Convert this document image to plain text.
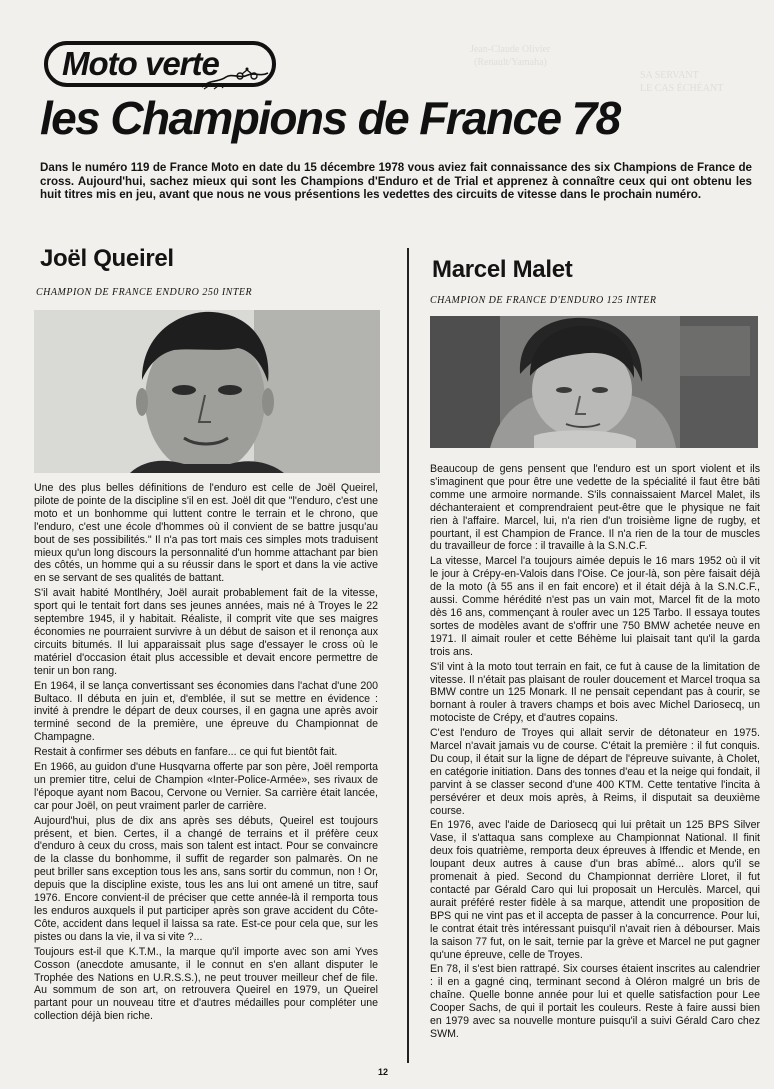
Jean-Claude Olivier
(Renault/Yamaha)
SA SERVANT
LE CAS ÉCHÉANT
Moto verte
les Champions de France 78
Dans le numéro 119 de France Moto en date du 15 décembre 1978 vous aviez fait connaissance des six Champions de France de cross. Aujourd'hui, sachez mieux qui sont les Champions d'Enduro et de Trial et apprenez à connaître ceux qui ont obtenu les huit titres mis en jeu, avant que nous ne vous présentions les vedettes des circuits de vitesse dans le prochain numéro.
Joël Queirel
CHAMPION DE FRANCE ENDURO 250 INTER

Une des plus belles définitions de l'enduro est celle de Joël Queirel, pilote de pointe de la discipline s'il en est. Joël dit que "l'enduro, c'est une moto et un bonhomme qui luttent contre le terrain et le chrono, que l'enduro, c'est une école d'hommes où il convient de se battre jusqu'au bout de ses possibilités." Il n'a pas tort mais ces simples mots traduisent mieux qu'un long discours la personnalité d'un homme attachant par bien des côtés, un homme qui a su réussir dans le sport et dans la vie active en se servant de ses qualités de battant.

S'il avait habité Montlhéry, Joël aurait probablement fait de la vitesse, sport qui le tentait fort dans ses jeunes années, mais né à Troyes le 22 septembre 1945, il y habitait. Réaliste, il comprit vite que ses maigres économies ne pourraient survivre à un début de saison et il renonça aux circuits bitumés. Il lui apparaissait plus sage d'essayer le cross où le matériel d'occasion était plus accessible et devait encore permettre de tenir un bon rang.

En 1964, il se lança convertissant ses économies dans l'achat d'une 200 Bultaco. Il débuta en juin et, d'emblée, il sut se mettre en évidence : invité à prendre le départ de deux courses, il en gagna une après avoir terminé second de la première, une épreuve du Championnat de Champagne.

Restait à confirmer ses débuts en fanfare... ce qui fut bientôt fait.

En 1966, au guidon d'une Husqvarna offerte par son père, Joël remporta un premier titre, celui de Champion «Inter-Police-Armée», ses rivaux de l'époque ayant nom Bacou, Cervone ou Vernier. Sa carrière était lancée, car pour Joël, on peut vraiment parler de carrière.

Aujourd'hui, plus de dix ans après ses débuts, Queirel est toujours présent, et bien. Certes, il a changé de terrains et il préfère ceux d'enduro à ceux du cross, mais son talent est intact. Pour se convaincre de la classe du bonhomme, il suffit de regarder son palmarès. On ne peut briller sans exception tous les ans, sans sortir du commun, non ! Or, depuis que la discipline existe, tous les ans lui ont amené un titre, sauf 1976. Encore convient-il de préciser que cette année-là il remporta tous les enduros auxquels il put participer après son grave accident du Côte-Côte, accident dans lequel il laissa sa rate. Est-ce pour cela que, sur les pistes ou dans la vie, il va si vite ?...

Toujours est-il que K.T.M., la marque qu'il importe avec son ami Yves Cosson (anecdote amusante, il le connut en s'en allant disputer le Trophée des Nations en U.R.S.S.), ne peut trouver meilleur chef de file. Au sommum de son art, on retrouvera Queirel en 1979, un Queirel partant pour un nouveau titre et d'autres médailles pour compléter une collection déjà bien riche.

Marcel Malet
CHAMPION DE FRANCE D'ENDURO 125 INTER

Beaucoup de gens pensent que l'enduro est un sport violent et ils s'imaginent que pour être une vedette de la spécialité il faut être bâti comme une armoire normande. S'ils connaissaient Marcel Malet, ils déchanteraient et comprendraient peut-être que le physique ne fait rien à l'affaire. Marcel, lui, n'a rien d'un troisième ligne de rugby, et pourtant, il est Champion de France. Il n'a rien de la tour de muscles du travailleur de force : il travaille à la S.N.C.F.

La vitesse, Marcel l'a toujours aimée depuis le 16 mars 1952 où il vit le jour à Crépy-en-Valois dans l'Oise. Ce jour-là, son père faisait déjà de la moto (à 55 ans il en fait encore) et il était déjà à la S.N.C.F., aussi. Comme hérédité n'est pas un vain mot, Marcel fit de la moto dès 16 ans, commençant à rouler avec un 125 Tarbo. Il essaya toutes sortes de modèles avant de s'offrir une 750 BMW achetée neuve en 1971. Il aimait rouler et cette Béhème lui plaisait tant qu'il la garda trois ans.

S'il vint à la moto tout terrain en fait, ce fut à cause de la limitation de vitesse. Il n'était pas plaisant de rouler doucement et Marcel troqua sa BMW contre un 125 Monark. Il ne pensait cependant pas à courir, se bornant à rouler à travers champs et bois avec Michel Dariosecq, un motociste de Crépy, et d'autres copains.

C'est l'enduro de Troyes qui allait servir de détonateur en 1975. Marcel n'avait jamais vu de course. C'était la première : il fut conquis. Du coup, il était sur la ligne de départ de l'épreuve suivante, à Cholet, en catégorie initiation. Dans des tonnes d'eau et la neige qui fondait, il parvint à se classer second d'une 400 KTM. Cette tentative l'incita à persévérer et deux mois après, à Reims, il disputait sa deuxième course.

En 1976, avec l'aide de Dariosecq qui lui prêtait un 125 BPS Silver Vase, il s'attaqua sans complexe au Championnat National. Il finit deux fois quatrième, remporta deux épreuves à Iffendic et Mende, en loupant deux autres à cause d'un bras abîmé... alors qu'il se promenait à pied. Second du Championnat derrière Lloret, il fut contacté par Gérald Caro qui lui proposait un Herculès. Marcel, qui aurait préféré rester fidèle à sa marque, attendit une proposition de BPS qui ne vint pas et il accepta de passer à la concurrence. Pour lui, le contrat était très intéressant puisqu'il n'avait rien à débourser. Mais la saison 77 fut, on le sait, ternie par la grève et Marcel ne put gagner qu'une épreuve, celle de Troyes.

En 78, il s'est bien rattrapé. Six courses étaient inscrites au calendrier : il en a gagné cinq, terminant second à Oléron malgré un bris de chaîne. Quelle bonne année pour lui et quelle satisfaction pour Lee Cooper Sachs, de qui il portait les couleurs. Reste à faire aussi bien en 1979 avec sa nouvelle monture puisqu'il a suivi Gérald Caro chez SWM.

12
